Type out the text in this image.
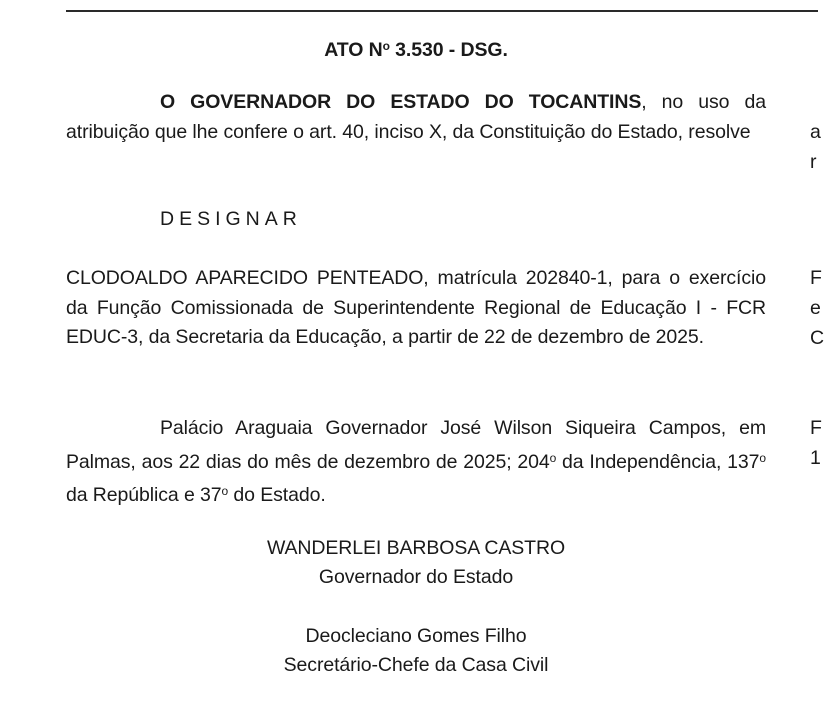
ATO $N^o$ 3.530 - DSG.

O GOVERNADOR DO ESTADO DO TOCANTINS, no uso da atribuição que lhe confere o art. 40, inciso X, da Constituição do Estado, resolve

DESIGNAR

CLODOALDO APARECIDO PENTEADO, matrícula 202840-1, para o exercício da Função Comissionada de Superintendente Regional de Educação I - FCR EDUC-3, da Secretaria da Educação, a partir de 22 de dezembro de 2025.

Palácio Araguaia Governador José Wilson Siqueira Campos, em Palmas, aos 22 dias do mês de dezembro de 2025; 204$^o$ da Independência, 137$^o$ da República e 37$^o$ do Estado.

WANDERLEI BARBOSA CASTRO
Governador do Estado
Deocleciano Gomes Filho
Secretário-Chefe da Casa Civil
a
r
F
e
C
F
1
